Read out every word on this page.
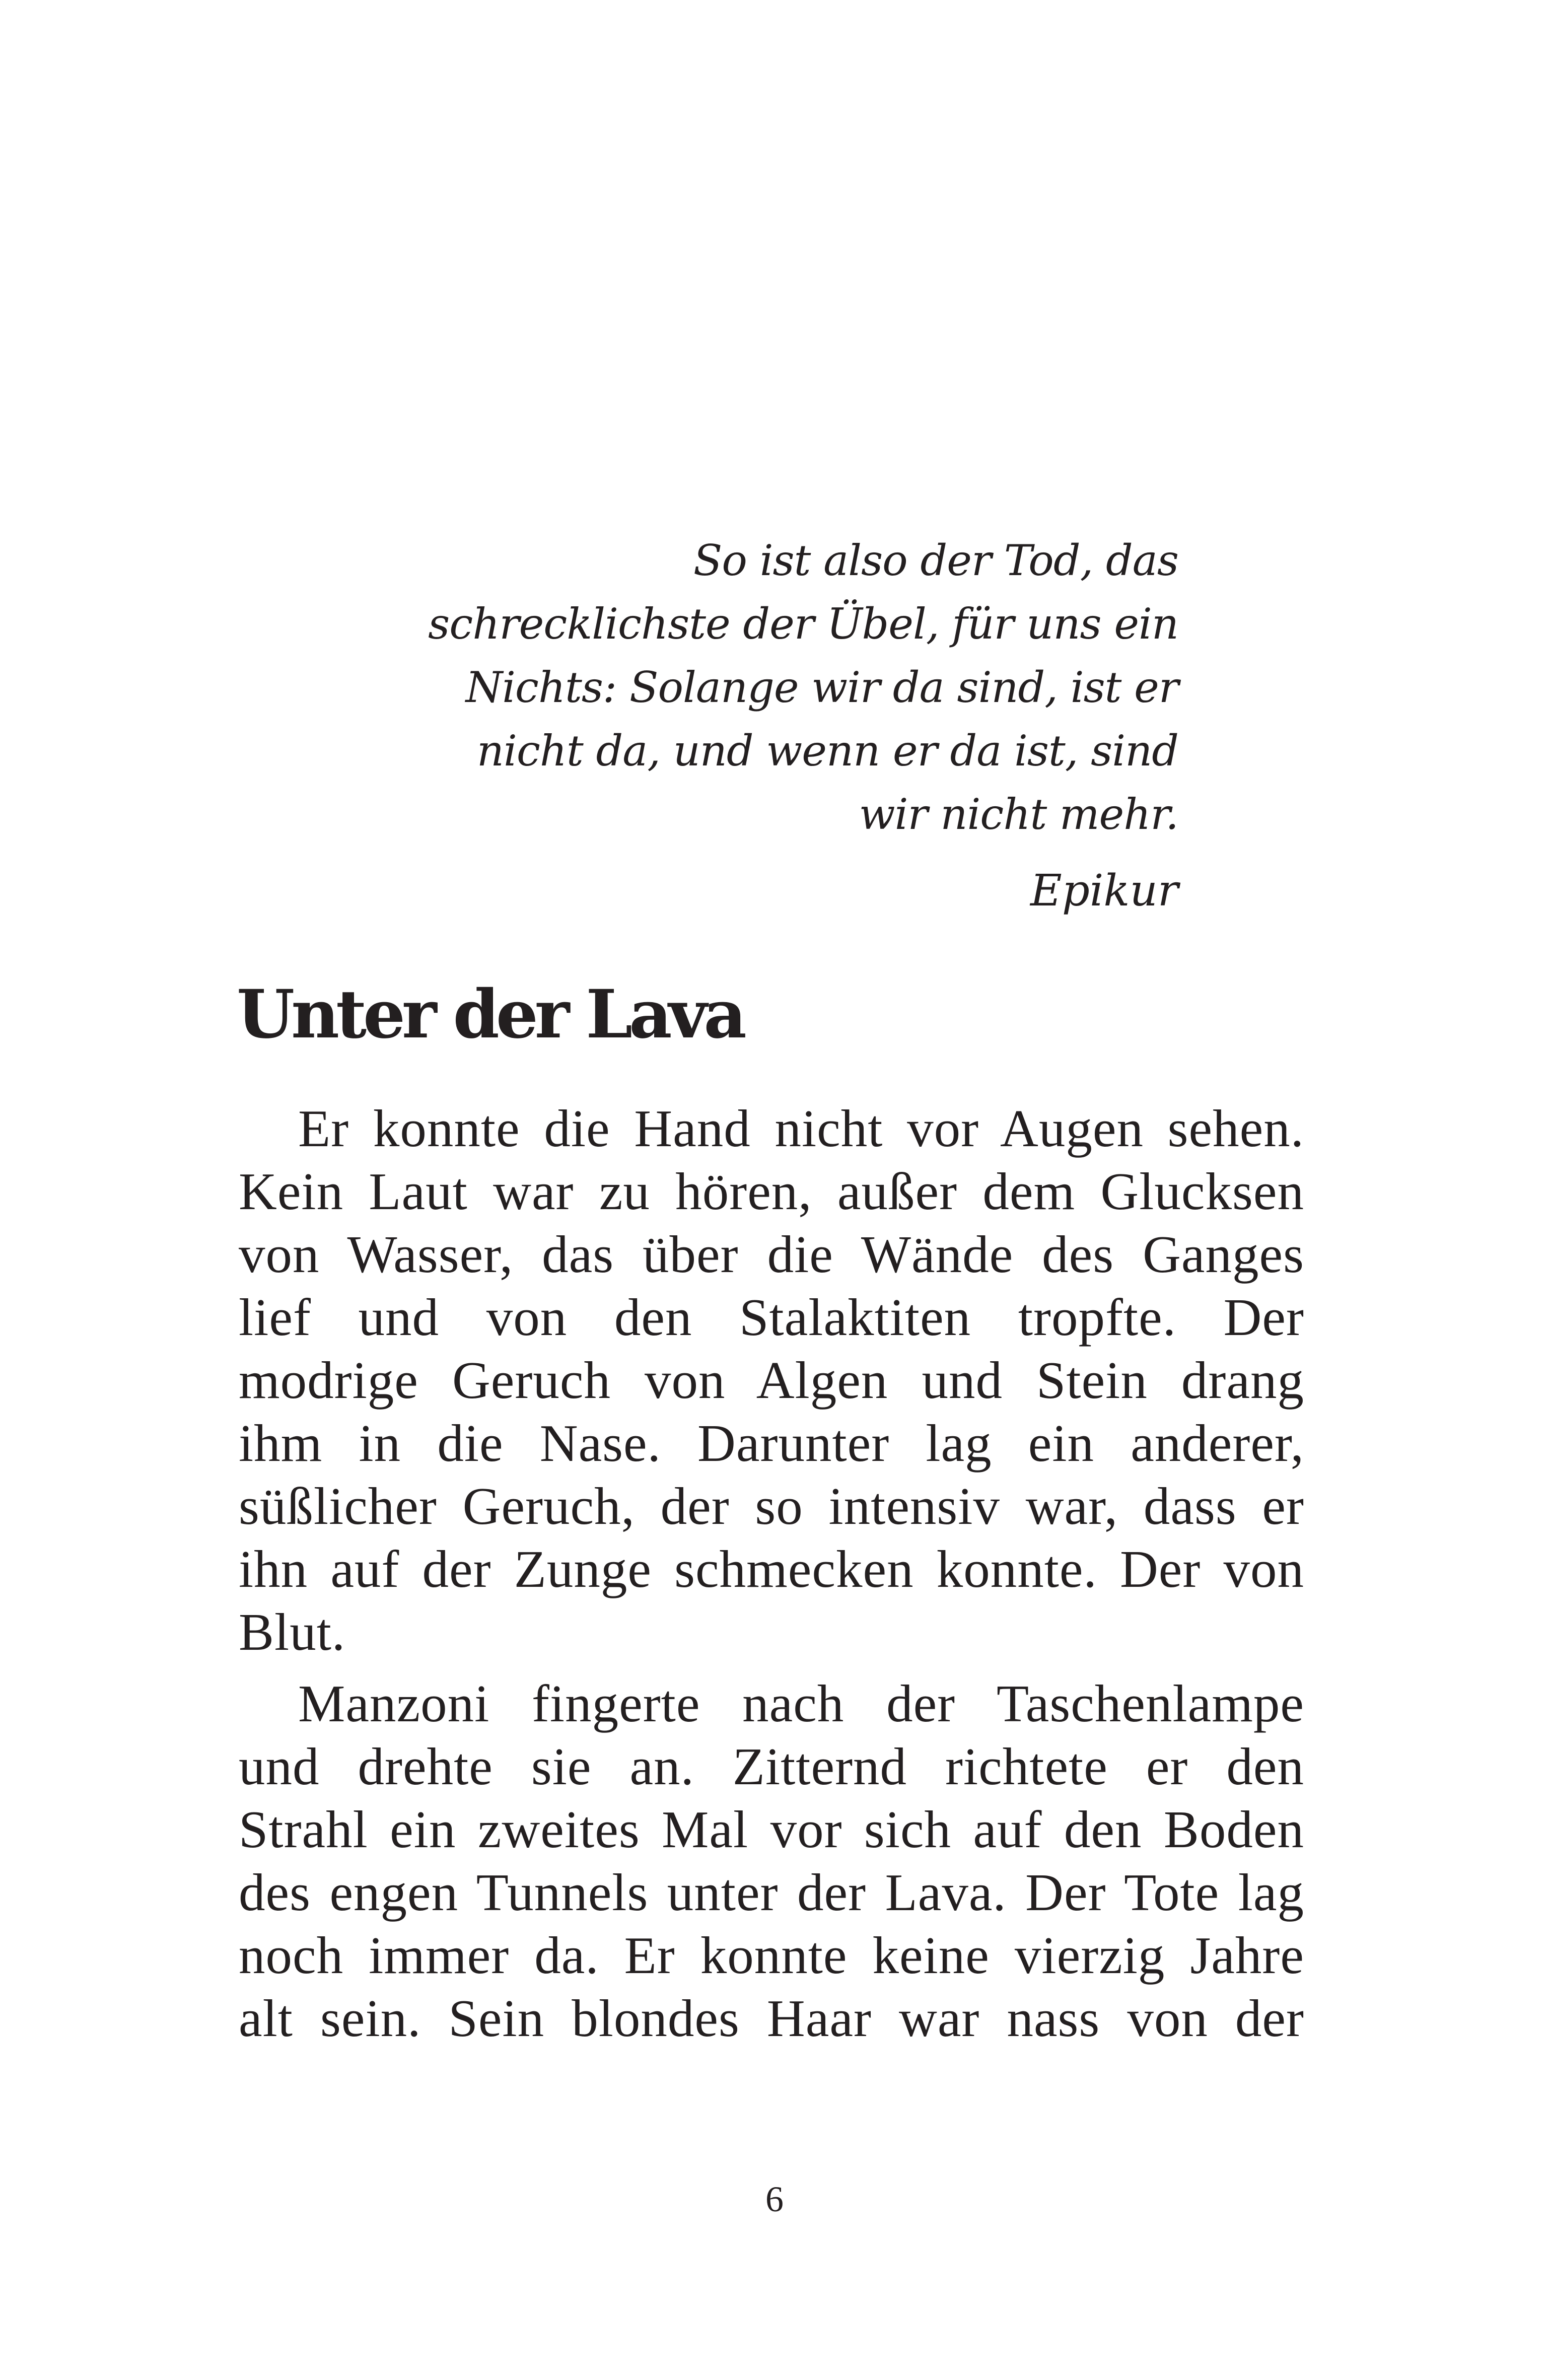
So ist also der Tod, das
schrecklichste der Übel, für uns ein
Nichts: Solange wir da sind, ist er
nicht da, und wenn er da ist, sind
wir nicht mehr.
Epikur
Unter der Lava
Er konnte die Hand nicht vor Augen sehen.
Kein Laut war zu hören, außer dem Glucksen
von Wasser, das über die Wände des Ganges
lief und von den Stalaktiten tropfte. Der
modrige Geruch von Algen und Stein drang
ihm in die Nase. Darunter lag ein anderer,
süßlicher Geruch, der so intensiv war, dass er
ihn auf der Zunge schmecken konnte. Der von
Blut.
Manzoni fingerte nach der Taschenlampe
und drehte sie an. Zitternd richtete er den
Strahl ein zweites Mal vor sich auf den Boden
des engen Tunnels unter der Lava. Der Tote lag
noch immer da. Er konnte keine vierzig Jahre
alt sein. Sein blondes Haar war nass von der
6
